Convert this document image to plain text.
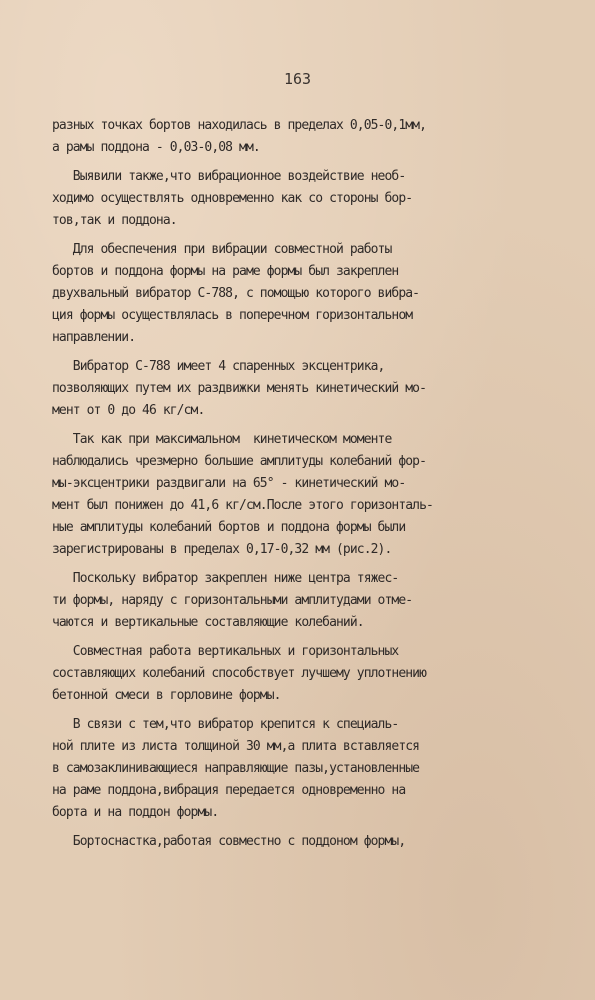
163
разных точках бортов находилась в пределах 0,05-0,1мм,
а рамы поддона - 0,03-0,08 мм.
Выявили также,что вибрационное воздействие необ-
ходимо осуществлять одновременно как со стороны бор-
тов,так и поддона.
Для обеспечения при вибрации совместной работы
бортов и поддона формы на раме формы был закреплен
двухвальный вибратор С-788, с помощью которого вибра-
ция формы осуществлялась в поперечном горизонтальном
направлении.
Вибратор С-788 имеет 4 спаренных эксцентрика,
позволяющих путем их раздвижки менять кинетический мо-
мент от 0 до 46 кг/см.
Так как при максимальном  кинетическом моменте
наблюдались чрезмерно большие амплитуды колебаний фор-
мы-эксцентрики раздвигали на 65° - кинетический мо-
мент был понижен до 41,6 кг/см.После этого горизонталь-
ные амплитуды колебаний бортов и поддона формы были
зарегистрированы в пределах 0,17-0,32 мм (рис.2).
Поскольку вибратор закреплен ниже центра тяжес-
ти формы, наряду с горизонтальными амплитудами отме-
чаются и вертикальные составляющие колебаний.
Совместная работа вертикальных и горизонтальных
составляющих колебаний способствует лучшему уплотнению
бетонной смеси в горловине формы.
В связи с тем,что вибратор крепится к специаль-
ной плите из листа толщиной 30 мм,а плита вставляется
в самозаклинивающиеся направляющие пазы,установленные
на раме поддона,вибрация передается одновременно на
борта и на поддон формы.
Бортоснастка,работая совместно с поддоном формы,
